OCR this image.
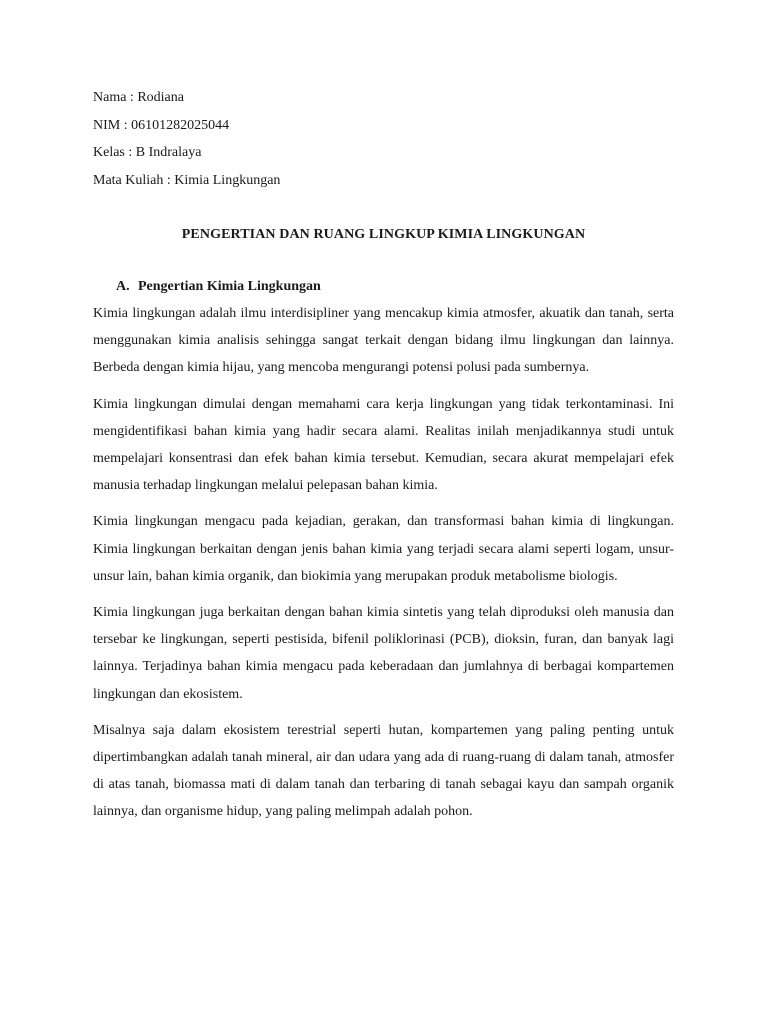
Nama : Rodiana
NIM : 06101282025044
Kelas : B Indralaya
Mata Kuliah : Kimia Lingkungan
PENGERTIAN DAN RUANG LINGKUP KIMIA LINGKUNGAN
A. Pengertian Kimia Lingkungan

Kimia lingkungan adalah ilmu interdisipliner yang mencakup kimia atmosfer, akuatik dan tanah, serta menggunakan kimia analisis sehingga sangat terkait dengan bidang ilmu lingkungan dan lainnya. Berbeda dengan kimia hijau, yang mencoba mengurangi potensi polusi pada sumbernya.

Kimia lingkungan dimulai dengan memahami cara kerja lingkungan yang tidak terkontaminasi. Ini mengidentifikasi bahan kimia yang hadir secara alami. Realitas inilah menjadikannya studi untuk mempelajari konsentrasi dan efek bahan kimia tersebut. Kemudian, secara akurat mempelajari efek manusia terhadap lingkungan melalui pelepasan bahan kimia.

Kimia lingkungan mengacu pada kejadian, gerakan, dan transformasi bahan kimia di lingkungan. Kimia lingkungan berkaitan dengan jenis bahan kimia yang terjadi secara alami seperti logam, unsur-unsur lain, bahan kimia organik, dan biokimia yang merupakan produk metabolisme biologis.

Kimia lingkungan juga berkaitan dengan bahan kimia sintetis yang telah diproduksi oleh manusia dan tersebar ke lingkungan, seperti pestisida, bifenil poliklorinasi (PCB), dioksin, furan, dan banyak lagi lainnya. Terjadinya bahan kimia mengacu pada keberadaan dan jumlahnya di berbagai kompartemen lingkungan dan ekosistem.

Misalnya saja dalam ekosistem terestrial seperti hutan, kompartemen yang paling penting untuk dipertimbangkan adalah tanah mineral, air dan udara yang ada di ruang-ruang di dalam tanah, atmosfer di atas tanah, biomassa mati di dalam tanah dan terbaring di tanah sebagai kayu dan sampah organik lainnya, dan organisme hidup, yang paling melimpah adalah pohon.
